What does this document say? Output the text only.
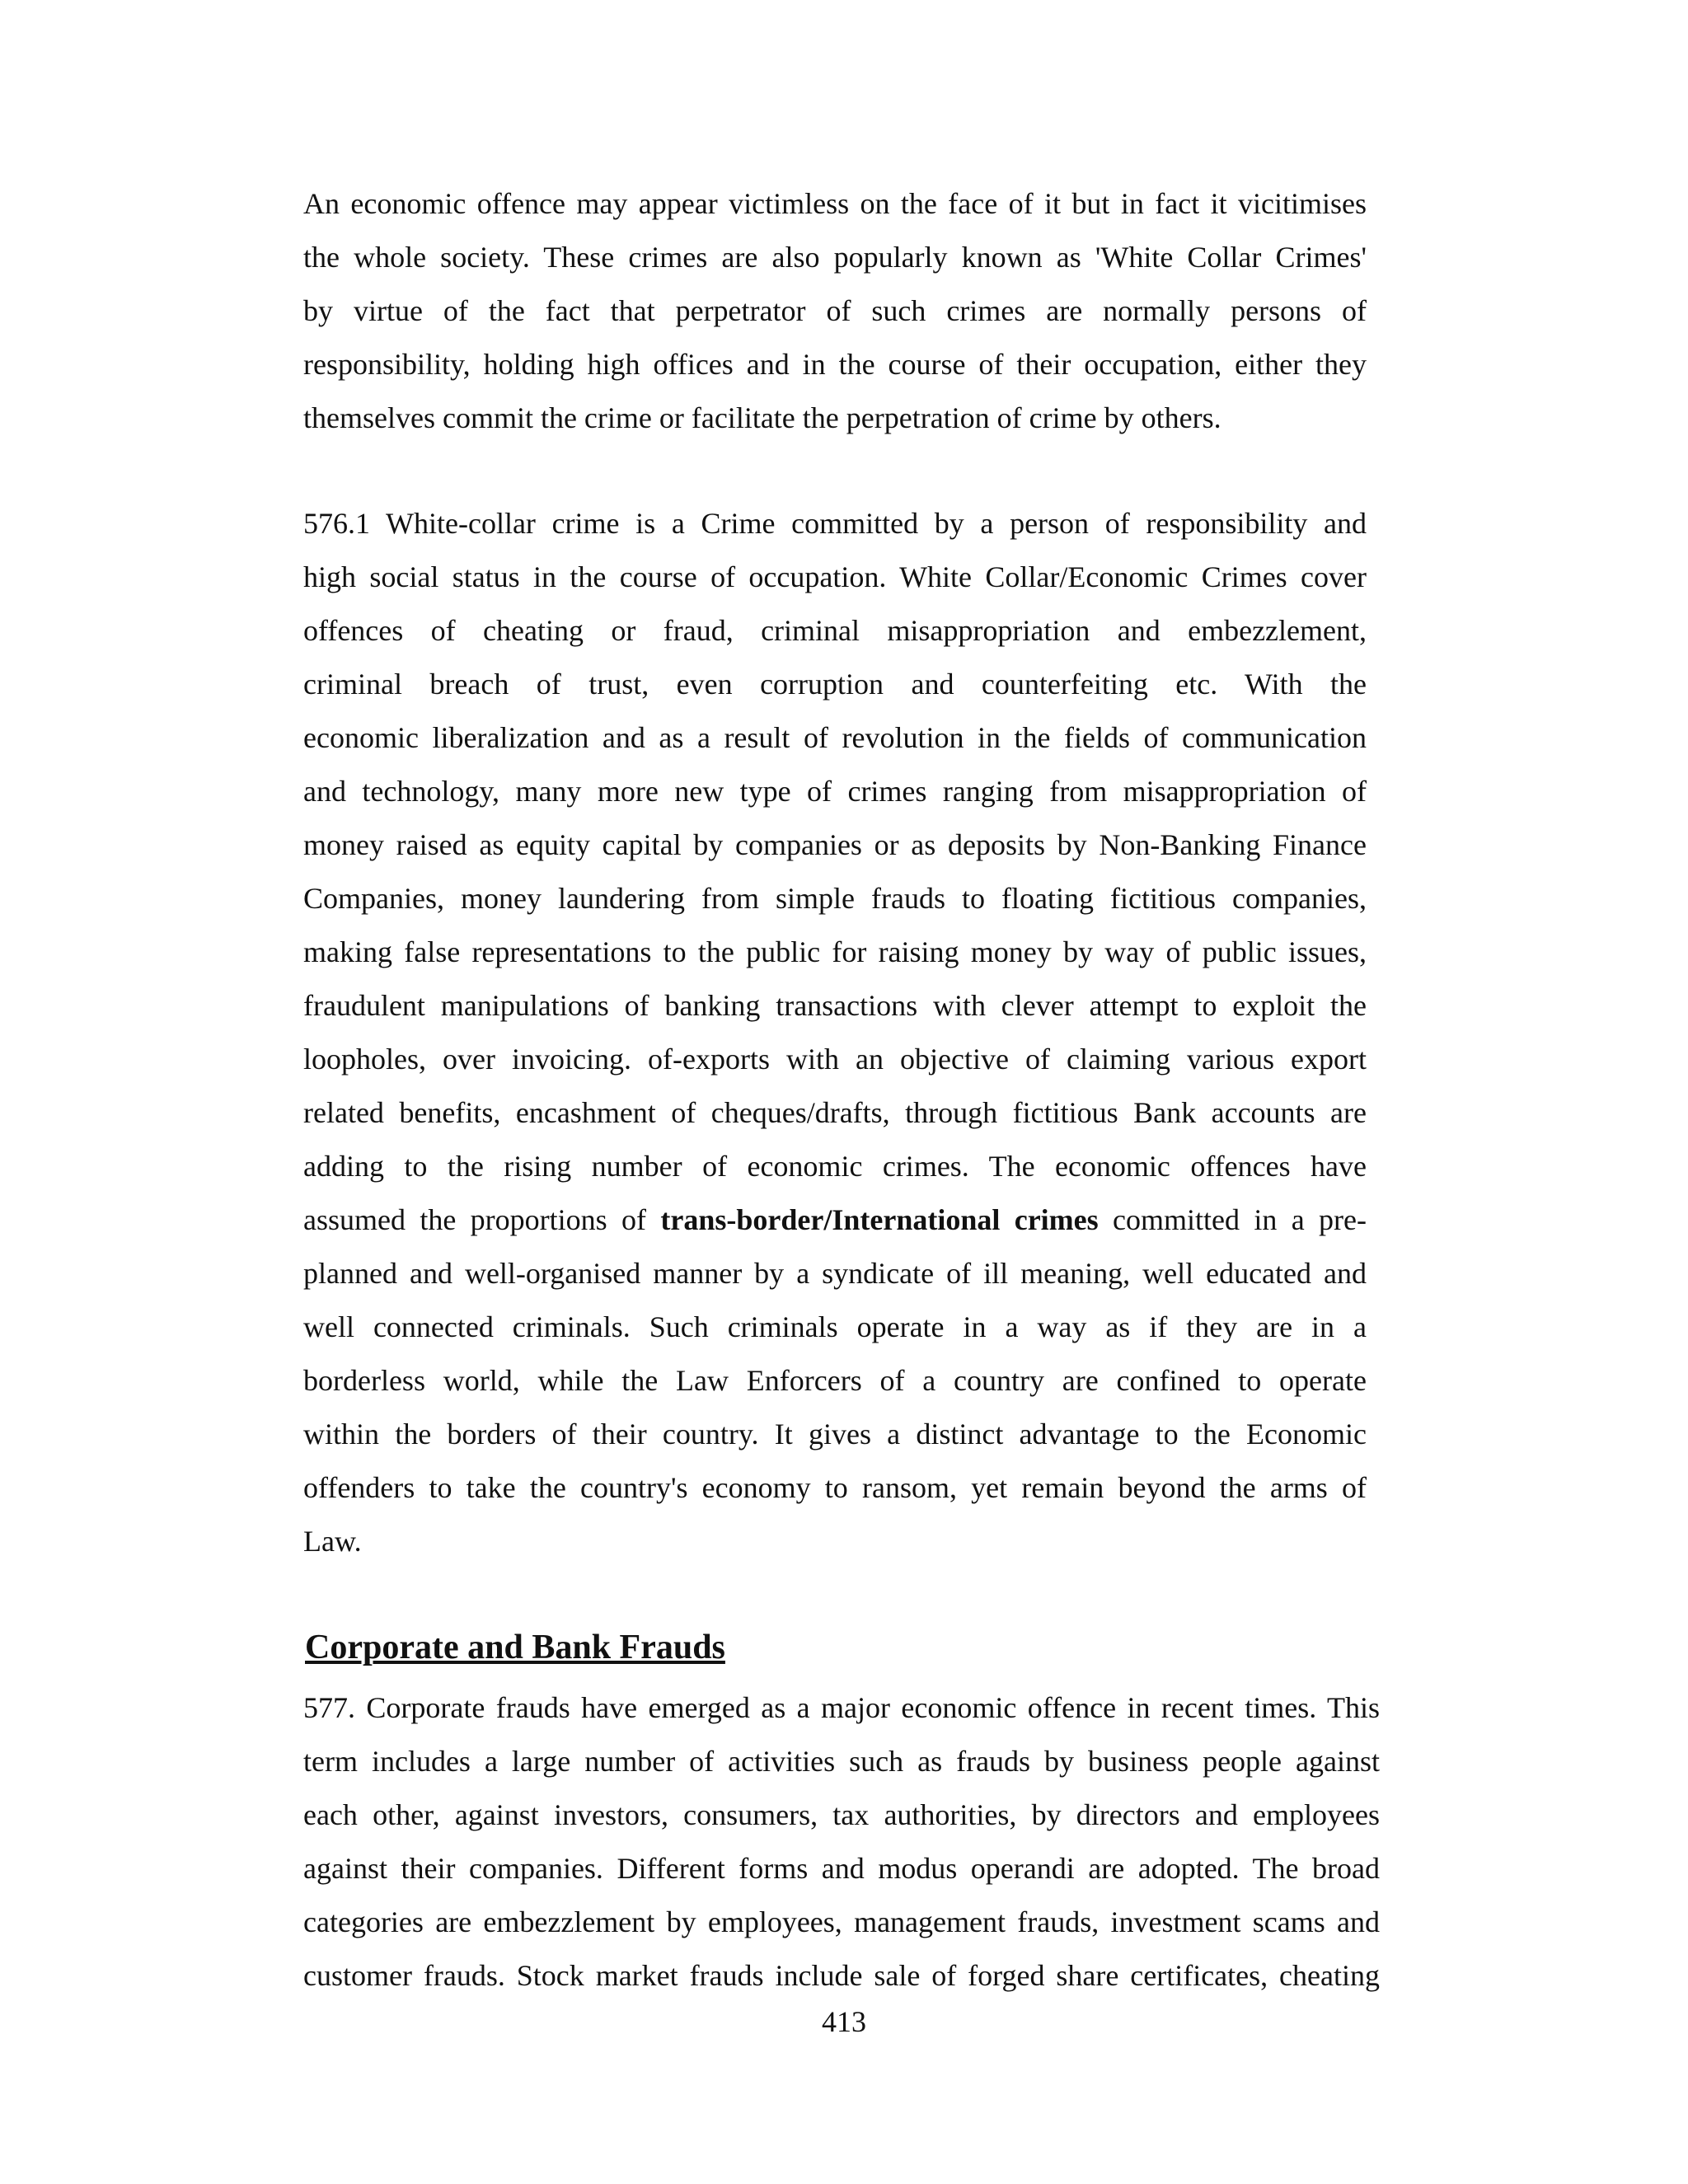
An economic offence may appear victimless on the face of it but in fact it vicitimises
the whole society. These crimes are also popularly known as 'White Collar Crimes'
by virtue of the fact that perpetrator of such crimes are normally persons of
responsibility, holding high offices and in the course of their occupation, either they
themselves commit the crime or facilitate the perpetration of crime by others.
576.1 White-collar crime is a Crime committed by a person of responsibility and
high social status in the course of occupation. White Collar/Economic Crimes cover
offences of cheating or fraud, criminal misappropriation and embezzlement,
criminal breach of trust, even corruption and counterfeiting etc. With the
economic liberalization and as a result of revolution in the fields of communication
and technology, many more new type of crimes ranging from misappropriation of
money raised as equity capital by companies or as deposits by Non-Banking Finance
Companies, money laundering from simple frauds to floating fictitious companies,
making false representations to the public for raising money by way of public issues,
fraudulent manipulations of banking transactions with clever attempt to exploit the
loopholes, over invoicing. of-exports with an objective of claiming various export
related benefits, encashment of cheques/drafts, through fictitious Bank accounts are
adding to the rising number of economic crimes. The economic offences have
assumed the proportions of trans-border/International crimes committed in a pre-
planned and well-organised manner by a syndicate of ill meaning, well educated and
well connected criminals. Such criminals operate in a way as if they are in a
borderless world, while the Law Enforcers of a country are confined to operate
within the borders of their country. It gives a distinct advantage to the Economic
offenders to take the country's economy to ransom, yet remain beyond the arms of
Law.
Corporate and Bank Frauds
577. Corporate frauds have emerged as a major economic offence in recent times. This
term includes a large number of activities such as frauds by business people against
each other, against investors, consumers, tax authorities, by directors and employees
against their companies. Different forms and modus operandi are adopted. The broad
categories are embezzlement by employees, management frauds, investment scams and
customer frauds. Stock market frauds include sale of forged share certificates, cheating
413
